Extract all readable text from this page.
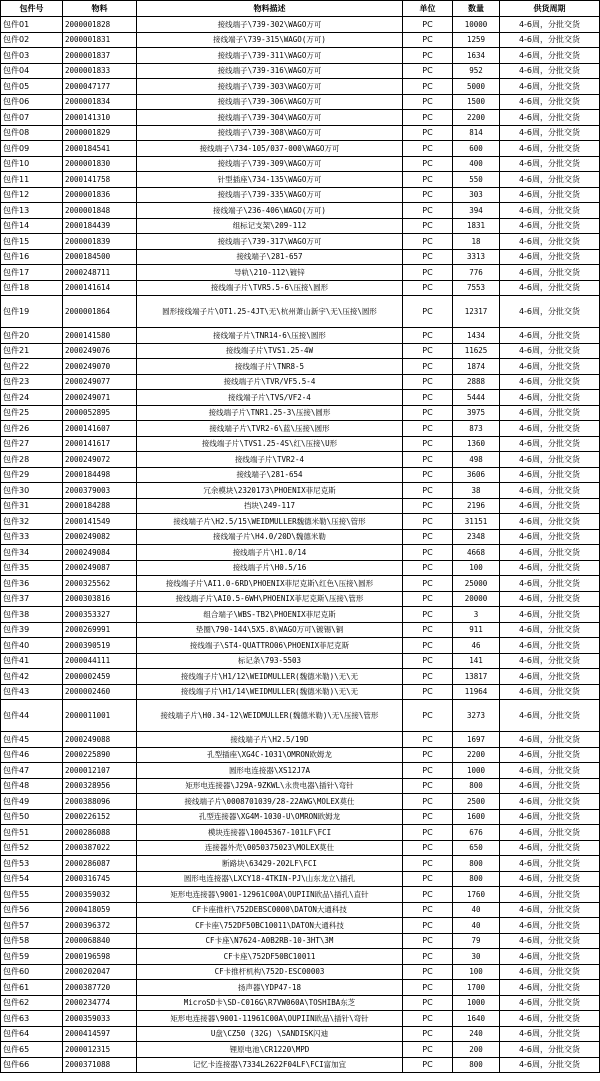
包件号	物料	物料描述	单位	数量	供货周期
包件01	2000001828	接线端子\739-302\WAGO万可	PC	10000	4-6周，分批交货
包件02	2000001831	接线端子\739-315\WAGO(万可)	PC	1259	4-6周，分批交货
包件03	2000001837	接线端子\739-311\WAGO万可	PC	1634	4-6周，分批交货
包件04	2000001833	接线端子\739-316\WAGO万可	PC	952	4-6周，分批交货
包件05	2000047177	接线端子\739-303\WAGO万可	PC	5000	4-6周，分批交货
包件06	2000001834	接线端子\739-306\WAGO万可	PC	1500	4-6周，分批交货
包件07	2000141310	接线端子\739-304\WAGO万可	PC	2200	4-6周，分批交货
包件08	2000001829	接线端子\739-308\WAGO万可	PC	814	4-6周，分批交货
包件09	2000184541	接线端子\734-105/037-000\WAGO万可	PC	600	4-6周，分批交货
包件10	2000001830	接线端子\739-309\WAGO万可	PC	400	4-6周，分批交货
包件11	2000141758	针型插座\734-135\WAGO万可	PC	550	4-6周，分批交货
包件12	2000001836	接线端子\739-335\WAGO万可	PC	303	4-6周，分批交货
包件13	2000001848	接线端子\236-406\WAGO(万可)	PC	394	4-6周，分批交货
包件14	2000184439	组标记支架\209-112	PC	1831	4-6周，分批交货
包件15	2000001839	接线端子\739-317\WAGO万可	PC	18	4-6周，分批交货
包件16	2000184500	接线端子\281-657	PC	3313	4-6周，分批交货
包件17	2000248711	导轨\210-112\镀锌	PC	776	4-6周，分批交货
包件18	2000141614	接线端子片\TVR5.5-6\压接\圆形	PC	7553	4-6周，分批交货
包件19	2000001864	圆形接线端子片\OT1.25-4JT\无\杭州萧山新宇\无\压接\圆形	PC	12317	4-6周，分批交货
包件20	2000141580	接线端子片\TNR14-6\压接\圆形	PC	1434	4-6周，分批交货
包件21	2000249076	接线端子片\TVS1.25-4W	PC	11625	4-6周，分批交货
包件22	2000249070	接线端子片\TNR8-5	PC	1874	4-6周，分批交货
包件23	2000249077	接线端子片\TVR/VF5.5-4	PC	2888	4-6周，分批交货
包件24	2000249071	接线端子片\TVS/VF2-4	PC	5444	4-6周，分批交货
包件25	2000052895	接线端子片\TNR1.25-3\压接\圆形	PC	3975	4-6周，分批交货
包件26	2000141607	接线端子片\TVR2-6\蓝\压接\圆形	PC	873	4-6周，分批交货
包件27	2000141617	接线端子片\TVS1.25-4S\红\压接\U形	PC	1360	4-6周，分批交货
包件28	2000249072	接线端子片\TVR2-4	PC	498	4-6周，分批交货
包件29	2000184498	接线端子\281-654	PC	3606	4-6周，分批交货
包件30	2000379003	冗余模块\2320173\PHOENIX菲尼克斯	PC	38	4-6周，分批交货
包件31	2000184288	挡块\249-117	PC	2196	4-6周，分批交货
包件32	2000141549	接线端子片\H2.5/15\WEIDMULLER魏德米勒\压接\管形	PC	31151	4-6周，分批交货
包件33	2000249082	接线端子片\H4.0/20D\魏德米勒	PC	2348	4-6周，分批交货
包件34	2000249084	接线端子片\H1.0/14	PC	4668	4-6周，分批交货
包件35	2000249087	接线端子片\H0.5/16	PC	100	4-6周，分批交货
包件36	2000325562	接线端子片\AI1.0-6RD\PHOENIX菲尼克斯\红色\压接\圆形	PC	25000	4-6周，分批交货
包件37	2000303816	接线端子片\AI0.5-6WH\PHOENIX菲尼克斯\压接\管形	PC	20000	4-6周，分批交货
包件38	2000353327	组合端子\WBS-TB2\PHOENIX菲尼克斯	PC	3	4-6周，分批交货
包件39	2000269991	垫圈\790-144\5X5.8\WAGO万可\镀锡\铜	PC	911	4-6周，分批交货
包件40	2000390519	接线端子\ST4-QUATTRO06\PHOENIX菲尼克斯	PC	46	4-6周，分批交货
包件41	2000044111	标记条\793-5503	PC	141	4-6周，分批交货
包件42	2000002459	接线端子片\H1/12\WEIDMULLER(魏德米勒)\无\无	PC	13817	4-6周，分批交货
包件43	2000002460	接线端子片\H1/14\WEIDMULLER(魏德米勒)\无\无	PC	11964	4-6周，分批交货
包件44	2000011001	接线端子片\H0.34-12\WEIDMULLER(魏德米勒)\无\压接\管形	PC	3273	4-6周，分批交货
包件45	2000249088	接线端子片\H2.5/19D	PC	1697	4-6周，分批交货
包件46	2000225890	孔型插座\XG4C-1031\OMRON欧姆龙	PC	2200	4-6周，分批交货
包件47	2000012107	圆形电连接器\XS12J7A	PC	1000	4-6周，分批交货
包件48	2000328956	矩形电连接器\J29A-9ZKWL\永贵电器\插针\弯针	PC	800	4-6周，分批交货
包件49	2000388096	接线端子片\0008701039/28-22AWG\MOLEX莫仕	PC	2500	4-6周，分批交货
包件50	2000226152	孔型连接器\XG4M-1030-U\OMRON欧姆龙	PC	1600	4-6周，分批交货
包件51	2000286088	模块连接器\10045367-101LF\FCI	PC	676	4-6周，分批交货
包件52	2000387022	连接器外壳\0050375023\MOLEX莫仕	PC	650	4-6周，分批交货
包件53	2000286087	断路块\63429-202LF\FCI	PC	800	4-6周，分批交货
包件54	2000316745	圆形电连接器\LXCY18-4TKIN-PJ\山东龙立\插孔	PC	800	4-6周，分批交货
包件55	2000359032	矩形电连接器\9001-12961C00A\OUPIIN欧品\插孔\直针	PC	1760	4-6周，分批交货
包件56	2000418059	CF卡座推杆\752DEBSC0000\DATON大通科技	PC	40	4-6周，分批交货
包件57	2000396372	CF卡座\752DF50BC10011\DATON大通科技	PC	40	4-6周，分批交货
包件58	2000068840	CF卡座\N7624-A0B2RB-10-3HT\3M	PC	79	4-6周，分批交货
包件59	2000196598	CF卡座\752DF50BC10011	PC	30	4-6周，分批交货
包件60	2000202047	CF卡推杆机构\752D-ESC00003	PC	100	4-6周，分批交货
包件61	2000387720	扬声器\YDP47-18	PC	1700	4-6周，分批交货
包件62	2000234774	MicroSD卡\SD-C016G\R7VW060A\TOSHIBA东芝	PC	1000	4-6周，分批交货
包件63	2000359033	矩形电连接器\9001-11961C00A\OUPIIN欧品\插针\弯针	PC	1640	4-6周，分批交货
包件64	2000414597	U盘\CZ50 (32G) \SANDISK闪迪	PC	240	4-6周，分批交货
包件65	2000012315	锂原电池\CR1220\MPD	PC	200	4-6周，分批交货
包件66	2000371088	记忆卡连接器\7334L2622F04LF\FCI富加宜	PC	800	4-6周，分批交货
